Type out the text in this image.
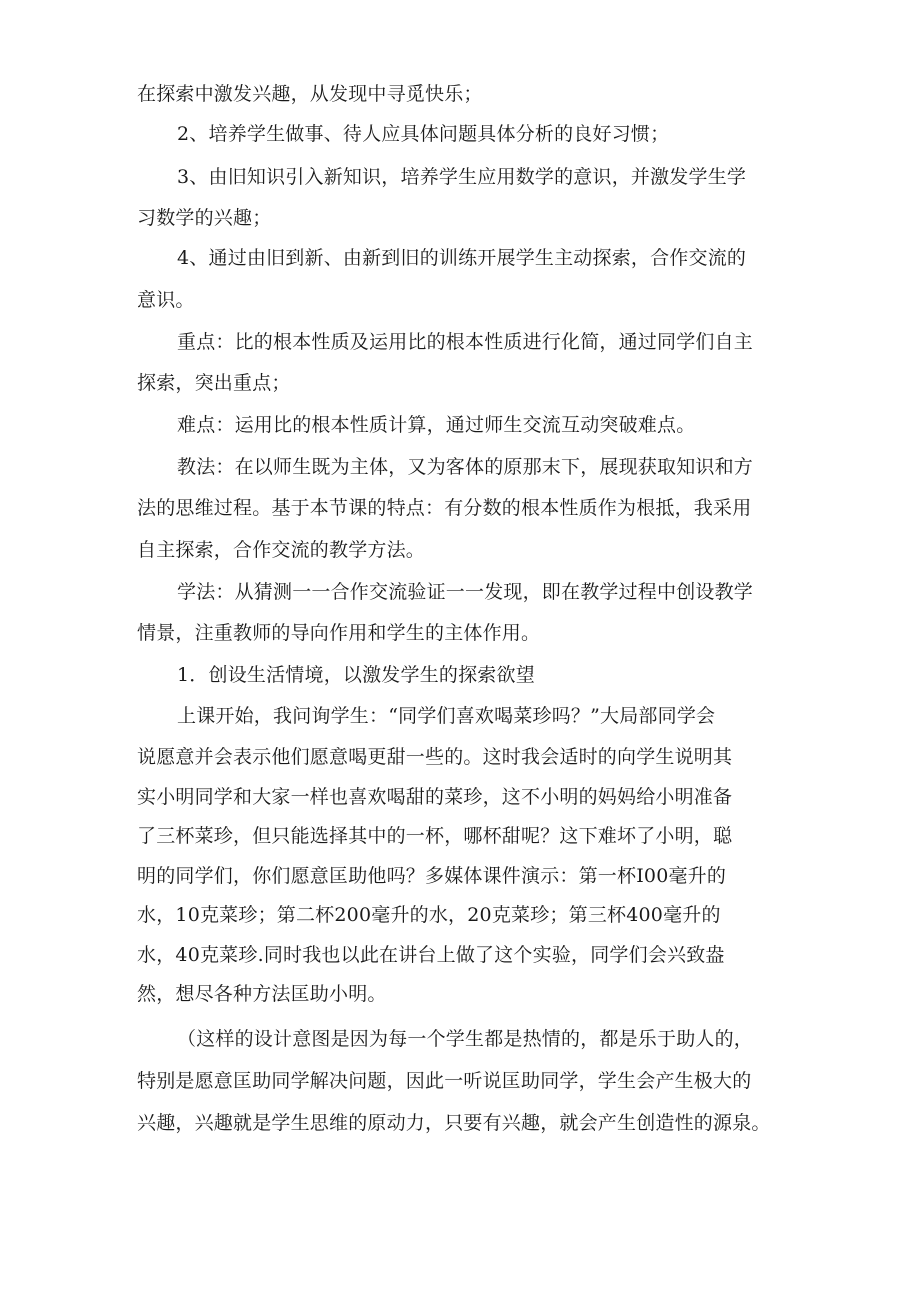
在探索中激发兴趣，从发现中寻觅快乐；
2、培养学生做事、待人应具体问题具体分析的良好习惯；
3、由旧知识引入新知识，培养学生应用数学的意识，并激发学生学
习数学的兴趣；
4、通过由旧到新、由新到旧的训练开展学生主动探索，合作交流的
意识。
重点：比的根本性质及运用比的根本性质进行化简，通过同学们自主
探索，突出重点；
难点：运用比的根本性质计算，通过师生交流互动突破难点。
教法：在以师生既为主体，又为客体的原那末下，展现获取知识和方
法的思维过程。基于本节课的特点：有分数的根本性质作为根抵，我采用
自主探索，合作交流的教学方法。
学法：从猜测一一合作交流验证一一发现，即在教学过程中创设教学
情景，注重教师的导向作用和学生的主体作用。
1．创设生活情境，以激发学生的探索欲望
上课开始，我问询学生：“同学们喜欢喝菜珍吗？”大局部同学会
说愿意并会表示他们愿意喝更甜一些的。这时我会适时的向学生说明其
实小明同学和大家一样也喜欢喝甜的菜珍，这不小明的妈妈给小明准备
了三杯菜珍，但只能选择其中的一杯，哪杯甜呢？这下难坏了小明，聪
明的同学们，你们愿意匡助他吗？多媒体课件演示：第一杯I00毫升的
水，10克菜珍；第二杯200毫升的水，20克菜珍；第三杯400毫升的
水，40克菜珍.同时我也以此在讲台上做了这个实验，同学们会兴致盎
然，想尽各种方法匡助小明。
（这样的设计意图是因为每一个学生都是热情的，都是乐于助人的，
特别是愿意匡助同学解决问题，因此一听说匡助同学，学生会产生极大的
兴趣，兴趣就是学生思维的原动力，只要有兴趣，就会产生创造性的源泉。
